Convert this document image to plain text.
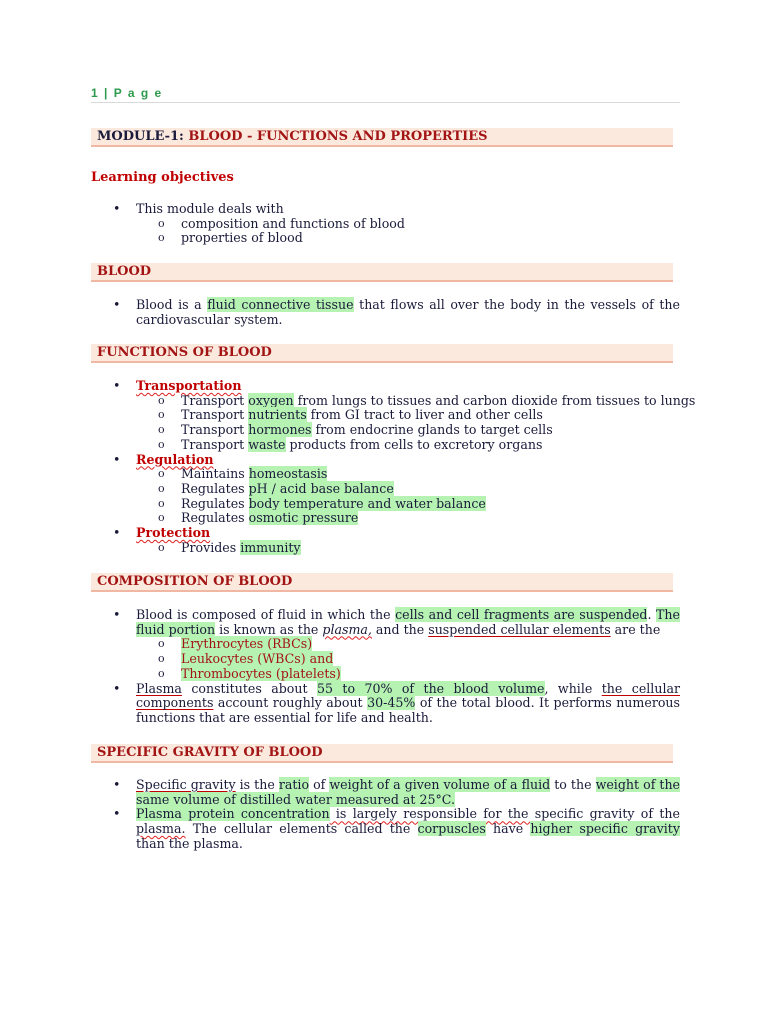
1 | P a g e
MODULE-1: BLOOD - FUNCTIONS AND PROPERTIES
Learning objectives
• This module deals with
o composition and functions of blood
o properties of blood
BLOOD
• Blood is a fluid connective tissue that flows all over the body in the vessels of the cardiovascular system.
FUNCTIONS OF BLOOD
• Transportation
o Transport oxygen from lungs to tissues and carbon dioxide from tissues to lungs
o Transport nutrients from GI tract to liver and other cells
o Transport hormones from endocrine glands to target cells
o Transport waste products from cells to excretory organs
• Regulation
o Maintains homeostasis
o Regulates pH / acid base balance
o Regulates body temperature and water balance
o Regulates osmotic pressure
• Protection
o Provides immunity
COMPOSITION OF BLOOD
• Blood is composed of fluid in which the cells and cell fragments are suspended. The fluid portion is known as the plasma, and the suspended cellular elements are the
o Erythrocytes (RBCs)
o Leukocytes (WBCs) and
o Thrombocytes (platelets)
• Plasma constitutes about 55 to 70% of the blood volume, while the cellular components account roughly about 30-45% of the total blood. It performs numerous functions that are essential for life and health.
SPECIFIC GRAVITY OF BLOOD
• Specific gravity is the ratio of weight of a given volume of a fluid to the weight of the same volume of distilled water measured at 25°C.
• Plasma protein concentration is largely responsible for the specific gravity of the plasma. The cellular elements called the corpuscles have higher specific gravity than the plasma.
